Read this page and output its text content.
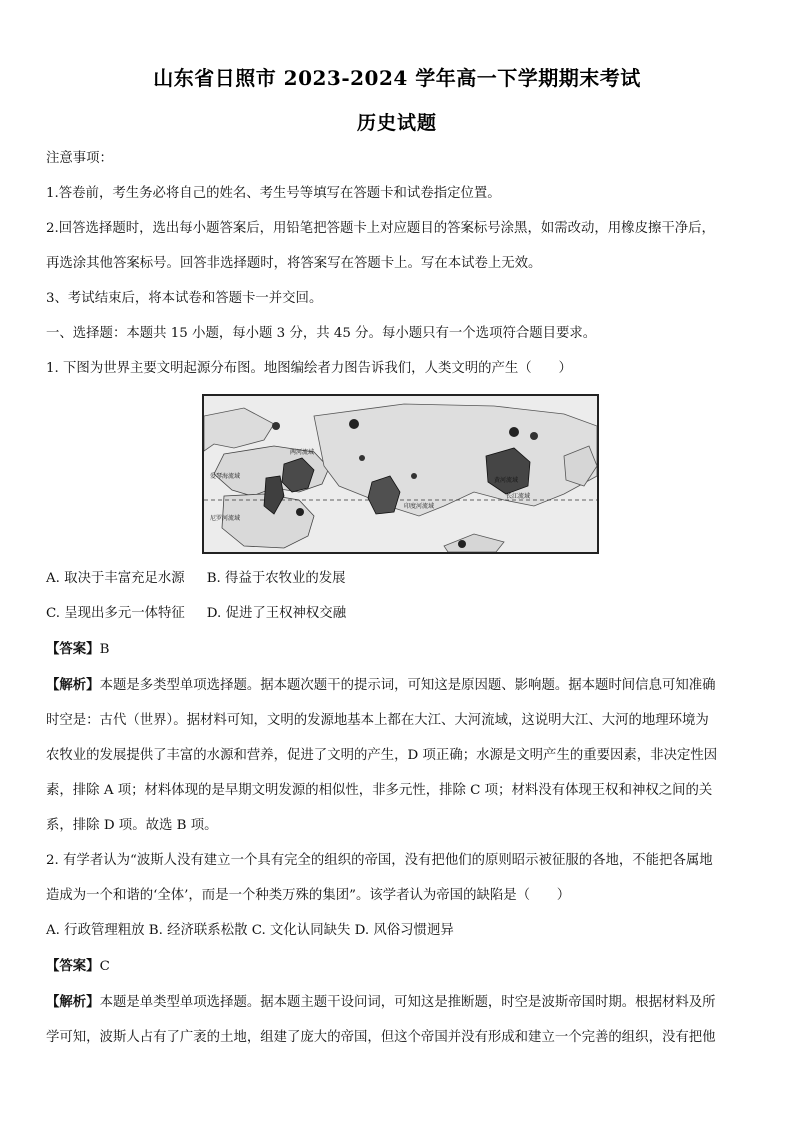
山东省日照市 2023-2024 学年高一下学期期末考试
历史试题

注意事项：

1.答卷前，考生务必将自己的姓名、考生号等填写在答题卡和试卷指定位置。

2.回答选择题时，选出每小题答案后，用铅笔把答题卡上对应题目的答案标号涂黑，如需改动，用橡皮擦干净后，

再选涂其他答案标号。回答非选择题时，将答案写在答题卡上。写在本试卷上无效。

3、考试结束后，将本试卷和答题卡一并交回。

一、选择题：本题共 15 小题，每小题 3 分，共 45 分。每小题只有一个选项符合题目要求。

1. 下图为世界主要文明起源分布图。地图编绘者力图告诉我们，人类文明的产生（　　）

两河流域
爱琴海流域
尼罗河流域
印度河流域
黄河流域
长江流域
A. 取决于丰富充足水源 B. 得益于农牧业的发展
C. 呈现出多元一体特征 D. 促进了王权神权交融

【答案】B

【解析】本题是多类型单项选择题。据本题次题干的提示词，可知这是原因题、影响题。据本题时间信息可知准确

时空是：古代（世界）。据材料可知，文明的发源地基本上都在大江、大河流域，这说明大江、大河的地理环境为

农牧业的发展提供了丰富的水源和营养，促进了文明的产生，D 项正确；水源是文明产生的重要因素，非决定性因

素，排除 A 项；材料体现的是早期文明发源的相似性，非多元性，排除 C 项；材料没有体现王权和神权之间的关

系，排除 D 项。故选 B 项。

2. 有学者认为“波斯人没有建立一个具有完全的组织的帝国，没有把他们的原则昭示被征服的各地，不能把各属地

造成为一个和谐的‘全体’，而是一个种类万殊的集团”。该学者认为帝国的缺陷是（　　）

A. 行政管理粗放 B. 经济联系松散 C. 文化认同缺失 D. 风俗习惯迥异

【答案】C

【解析】本题是单类型单项选择题。据本题主题干设问词，可知这是推断题，时空是波斯帝国时期。根据材料及所

学可知，波斯人占有了广袤的土地，组建了庞大的帝国，但这个帝国并没有形成和建立一个完善的组织，没有把他
